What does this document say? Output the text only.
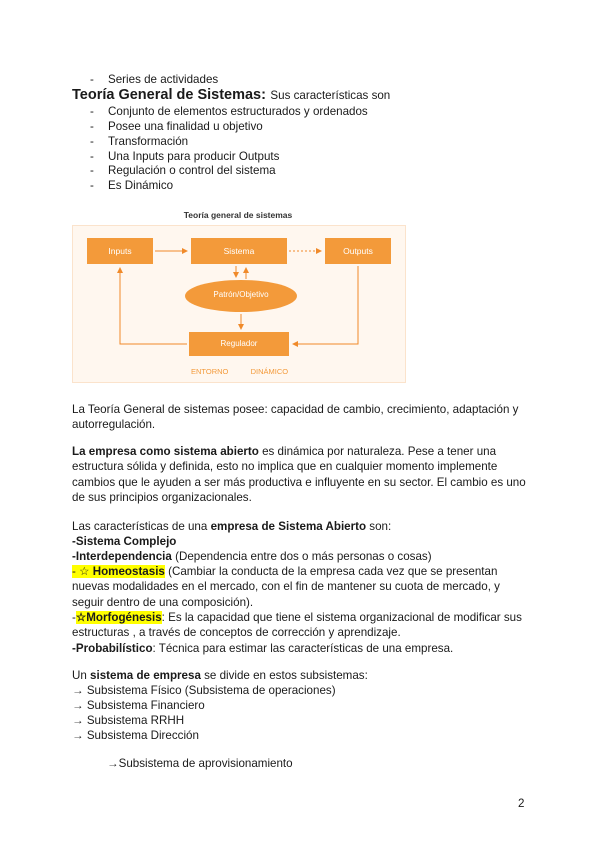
- Series de actividades
Teoría General de Sistemas: Sus características son
- Conjunto de elementos estructurados y ordenados
- Posee una finalidad u objetivo
- Transformación
- Una Inputs para producir Outputs
- Regulación o control del sistema
- Es Dinámico
Teoría general de sistemas
Inputs	Sistema	Outputs
Patrón/Objetivo
Regulador
ENTORNO	DINÁMICO
La Teoría General de sistemas posee: capacidad de cambio, crecimiento, adaptación y autorregulación.
La empresa como sistema abierto es dinámica por naturaleza. Pese a tener una estructura sólida y definida, esto no implica que en cualquier momento implemente cambios que le ayuden a ser más productiva e influyente en su sector. El cambio es uno de sus principios organizacionales.
Las características de una empresa de Sistema Abierto son:
-Sistema Complejo
-Interdependencia (Dependencia entre dos o más personas o cosas)
- ☆ Homeostasis (Cambiar la conducta de la empresa cada vez que se presentan nuevas modalidades en el mercado, con el fin de mantener su cuota de mercado, y seguir dentro de una composición).
-☆Morfogénesis: Es la capacidad que tiene el sistema organizacional de modificar sus estructuras , a través de conceptos de corrección y aprendizaje.
-Probabilístico: Técnica para estimar las características de una empresa.
Un sistema de empresa se divide en estos subsistemas:
→ Subsistema Físico (Subsistema de operaciones)
→ Subsistema Financiero
→ Subsistema RRHH
→ Subsistema Dirección
→Subsistema de aprovisionamiento
2
